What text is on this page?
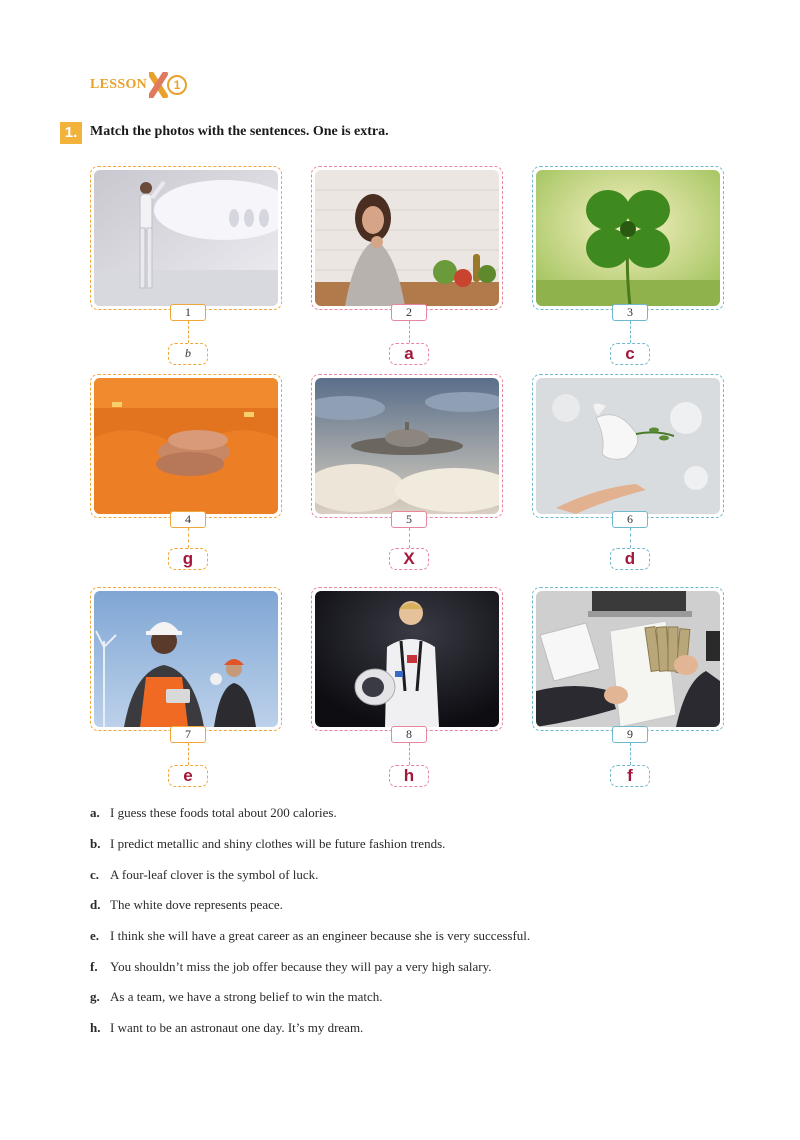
LESSON	1
1. Match the photos with the sentences. One is extra.
1
b
2
a
3
c
4
g
5
X
6
d
7
e
8
h
9
f
a. I guess these foods total about 200 calories.
b. I predict metallic and shiny clothes will be future fashion trends.
c. A four-leaf clover is the symbol of luck.
d. The white dove represents peace.
e. I think she will have a great career as an engineer because she is very successful.
f. You shouldn’t miss the job offer because they will pay a very high salary.
g. As a team, we have a strong belief to win the match.
h. I want to be an astronaut one day. It’s my dream.
